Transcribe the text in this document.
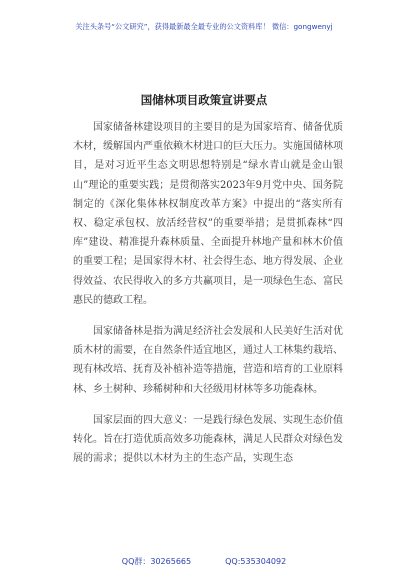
关注头条号“公文研究”，获得最新最全最专业的公文资料库！ 微信：gongwenyj
国储林项目政策宣讲要点

国家储备林建设项目的主要目的是为国家培育、储备优质木材，缓解国内严重依赖木材进口的巨大压力。实施国储林项目，是对习近平生态文明思想特别是“绿水青山就是金山银山”理论的重要实践；是贯彻落实2023年9月党中央、国务院制定的《深化集体林权制度改革方案》中提出的“落实所有权、稳定承包权、放活经营权”的重要举措；是贯抓森林“四库”建设、精准提升森林质量、全面提升林地产量和林木价值的重要工程；是国家得木材、社会得生态、地方得发展、企业得效益、农民得收入的多方共赢项目，是一项绿色生态、富民惠民的德政工程。

国家储备林是指为满足经济社会发展和人民美好生活对优质木材的需要，在自然条件适宜地区，通过人工林集约栽培、现有林改培、抚育及补植补造等措施，营造和培育的工业原料林、乡土树种、珍稀树种和大径级用材林等多功能森林。

国家层面的四大意义：一是践行绿色发展、实现生态价值转化。旨在打造优质高效多功能森林，满足人民群众对绿色发展的需求；提供以木材为主的生态产品，实现生态

QQ群：30265665	QQ:535304092
